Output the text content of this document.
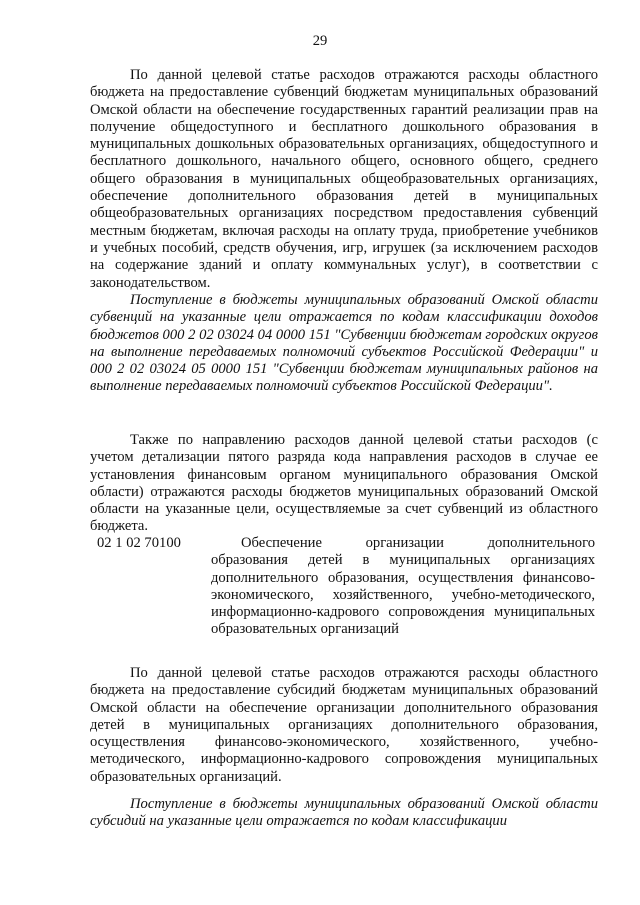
29

По данной целевой статье расходов отражаются расходы областного бюджета на предоставление субвенций бюджетам муниципальных образований Омской области на обеспечение государственных гарантий реализации прав на получение общедоступного и бесплатного дошкольного образования в муниципальных дошкольных образовательных организациях, общедоступного и бесплатного дошкольного, начального общего, основного общего, среднего общего образования в муниципальных общеобразовательных организациях, обеспечение дополнительного образования детей в муниципальных общеобразовательных организациях посредством предоставления субвенций местным бюджетам, включая расходы на оплату труда, приобретение учебников и учебных пособий, средств обучения, игр, игрушек (за исключением расходов на содержание зданий и оплату коммунальных услуг), в соответствии с законодательством.

Поступление в бюджеты муниципальных образований Омской области субвенций на указанные цели отражается по кодам классификации доходов бюджетов 000 2 02 03024 04 0000 151 "Субвенции бюджетам городских округов на выполнение передаваемых полномочий субъектов Российской Федерации" и 000 2 02 03024 05 0000 151 "Субвенции бюджетам муниципальных районов на выполнение передаваемых полномочий субъектов Российской Федерации".

Также по направлению расходов данной целевой статьи расходов (с учетом детализации пятого разряда кода направления расходов в случае ее установления финансовым органом муниципального образования Омской области) отражаются расходы бюджетов муниципальных образований Омской области на указанные цели, осуществляемые за счет субвенций из областного бюджета.

02 1 02 70100	Обеспечение организации дополнительного образования детей в муниципальных организациях дополнительного образования, осуществления финансово-экономического, хозяйственного, учебно-методического, информационно-кадрового сопровождения муниципальных образовательных организаций

По данной целевой статье расходов отражаются расходы областного бюджета на предоставление субсидий бюджетам муниципальных образований Омской области на обеспечение организации дополнительного образования детей в муниципальных организациях дополнительного образования, осуществления финансово-экономического, хозяйственного, учебно-методического, информационно-кадрового сопровождения муниципальных образовательных организаций.

Поступление в бюджеты муниципальных образований Омской области субсидий на указанные цели отражается по кодам классификации
